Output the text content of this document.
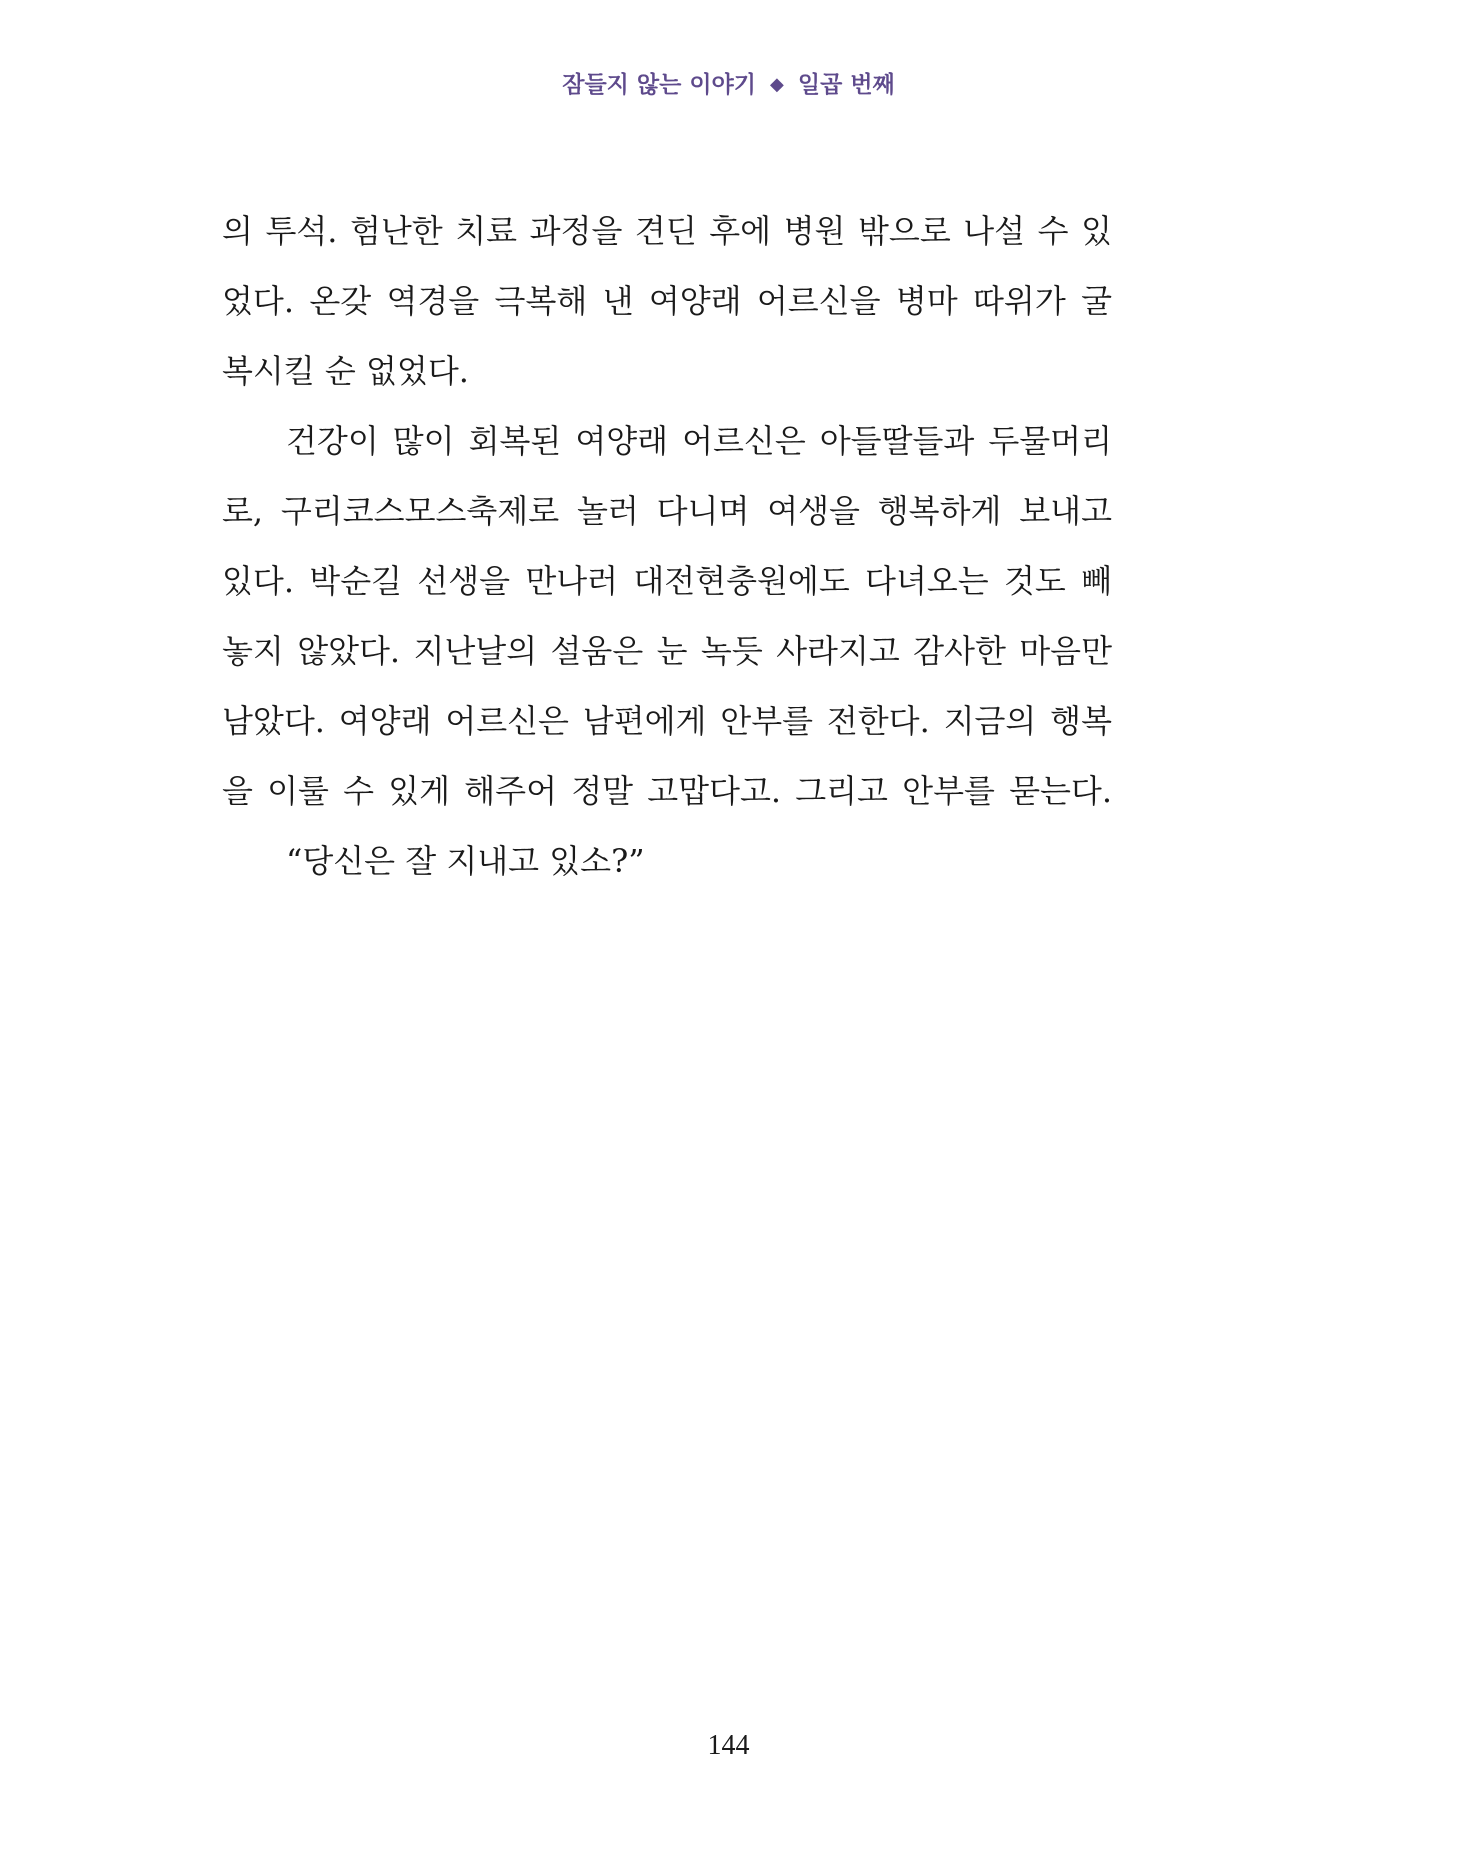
잠들지 않는 이야기 ◆ 일곱 번째
의 투석. 험난한 치료 과정을 견딘 후에 병원 밖으로 나설 수 있
었다. 온갖 역경을 극복해 낸 여양래 어르신을 병마 따위가 굴
복시킬 순 없었다.
건강이 많이 회복된 여양래 어르신은 아들딸들과 두물머리
로, 구리코스모스축제로 놀러 다니며 여생을 행복하게 보내고
있다. 박순길 선생을 만나러 대전현충원에도 다녀오는 것도 빼
놓지 않았다. 지난날의 설움은 눈 녹듯 사라지고 감사한 마음만
남았다. 여양래 어르신은 남편에게 안부를 전한다. 지금의 행복
을 이룰 수 있게 해주어 정말 고맙다고. 그리고 안부를 묻는다.
“당신은 잘 지내고 있소?”
144
